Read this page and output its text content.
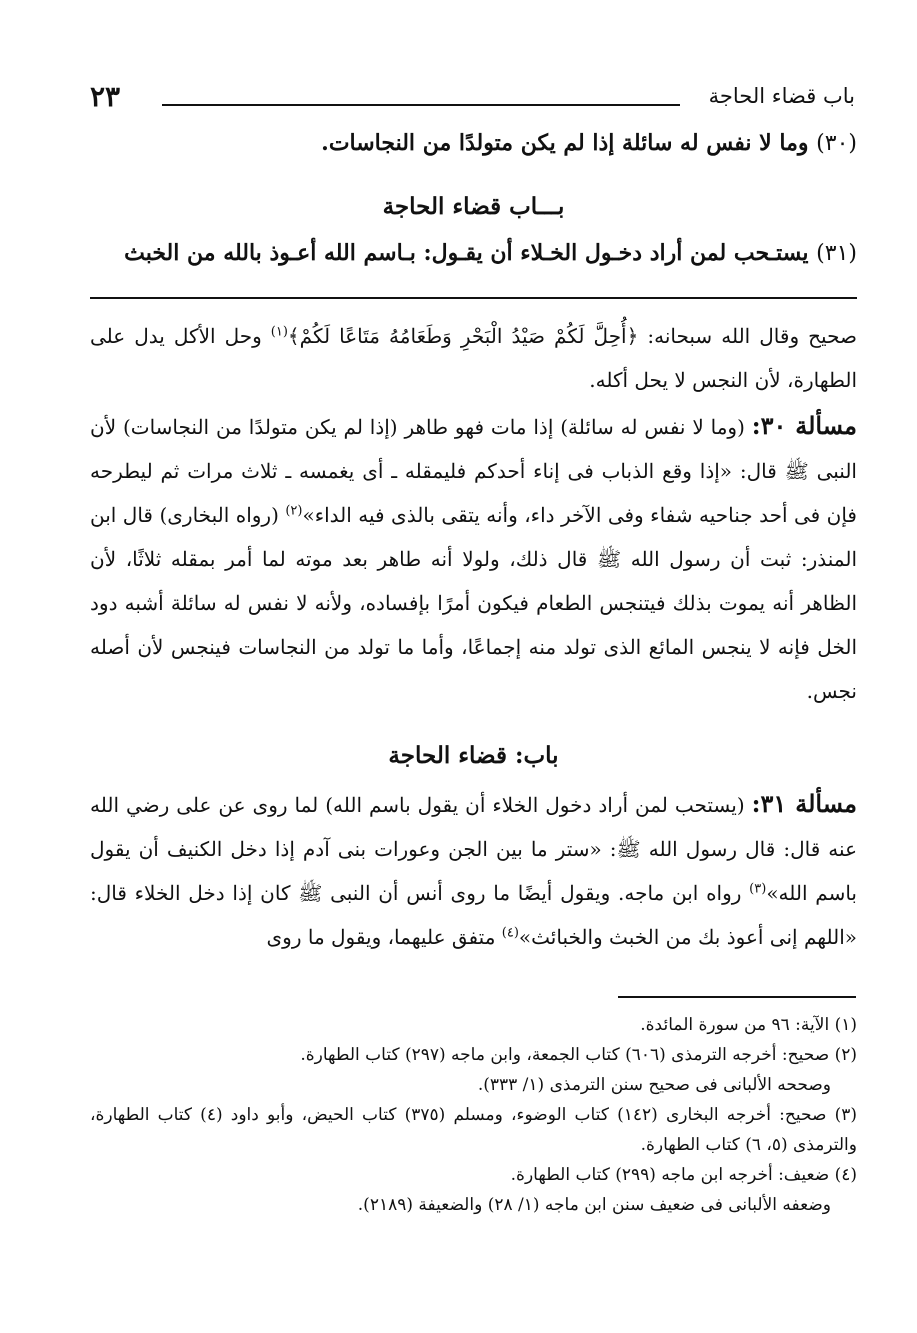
باب قضاء الحاجة
٢٣
(٣٠) وما لا نفس له سائلة إذا لم يكن متولدًا من النجاسات.
بـــاب قضاء الحاجة
(٣١) يستـحب لمن أراد دخـول الخـلاء أن يقـول: بـاسم الله أعـوذ بالله من الخبث
صحيح وقال الله سبحانه: ﴿أُحِلَّ لَكُمْ صَيْدُ الْبَحْرِ وَطَعَامُهُ مَتَاعًا لَكُمْ﴾$^{(١)}$ وحل الأكل يدل على الطهارة، لأن النجس لا يحل أكله.
مسألة ٣٠: (وما لا نفس له سائلة) إذا مات فهو طاهر (إذا لم يكن متولدًا من النجاسات) لأن النبى ﷺ قال: «إذا وقع الذباب فى إناء أحدكم فليمقله ـ أى يغمسه ـ ثلاث مرات ثم ليطرحه فإن فى أحد جناحيه شفاء وفى الآخر داء، وأنه يتقى بالذى فيه الداء»$^{(٢)}$ (رواه البخارى) قال ابن المنذر: ثبت أن رسول الله ﷺ قال ذلك، ولولا أنه طاهر بعد موته لما أمر بمقله ثلاثًا، لأن الظاهر أنه يموت بذلك فيتنجس الطعام فيكون أمرًا بإفساده، ولأنه لا نفس له سائلة أشبه دود الخل فإنه لا ينجس المائع الذى تولد منه إجماعًا، وأما ما تولد من النجاسات فينجس لأن أصله نجس.
باب: قضاء الحاجة
مسألة ٣١: (يستحب لمن أراد دخول الخلاء أن يقول باسم الله) لما روى عن على رضي الله عنه قال: قال رسول الله ﷺ: «ستر ما بين الجن وعورات بنى آدم إذا دخل الكنيف أن يقول باسم الله»$^{(٣)}$ رواه ابن ماجه. ويقول أيضًا ما روى أنس أن النبى ﷺ كان إذا دخل الخلاء قال: «اللهم إنى أعوذ بك من الخبث والخبائث»$^{(٤)}$ متفق عليهما، ويقول ما روى
(١) الآية: ٩٦ من سورة المائدة.
(٢) صحيح: أخرجه الترمذى (٦٠٦) كتاب الجمعة، وابن ماجه (٢٩٧) كتاب الطهارة.
وصححه الألبانى فى صحيح سنن الترمذى (١/ ٣٣٣).
(٣) صحيح: أخرجه البخارى (١٤٢) كتاب الوضوء، ومسلم (٣٧٥) كتاب الحيض، وأبو داود (٤) كتاب الطهارة، والترمذى (٥، ٦) كتاب الطهارة.
(٤) ضعيف: أخرجه ابن ماجه (٢٩٩) كتاب الطهارة.
وضعفه الألبانى فى ضعيف سنن ابن ماجه (١/ ٢٨) والضعيفة (٢١٨٩).
